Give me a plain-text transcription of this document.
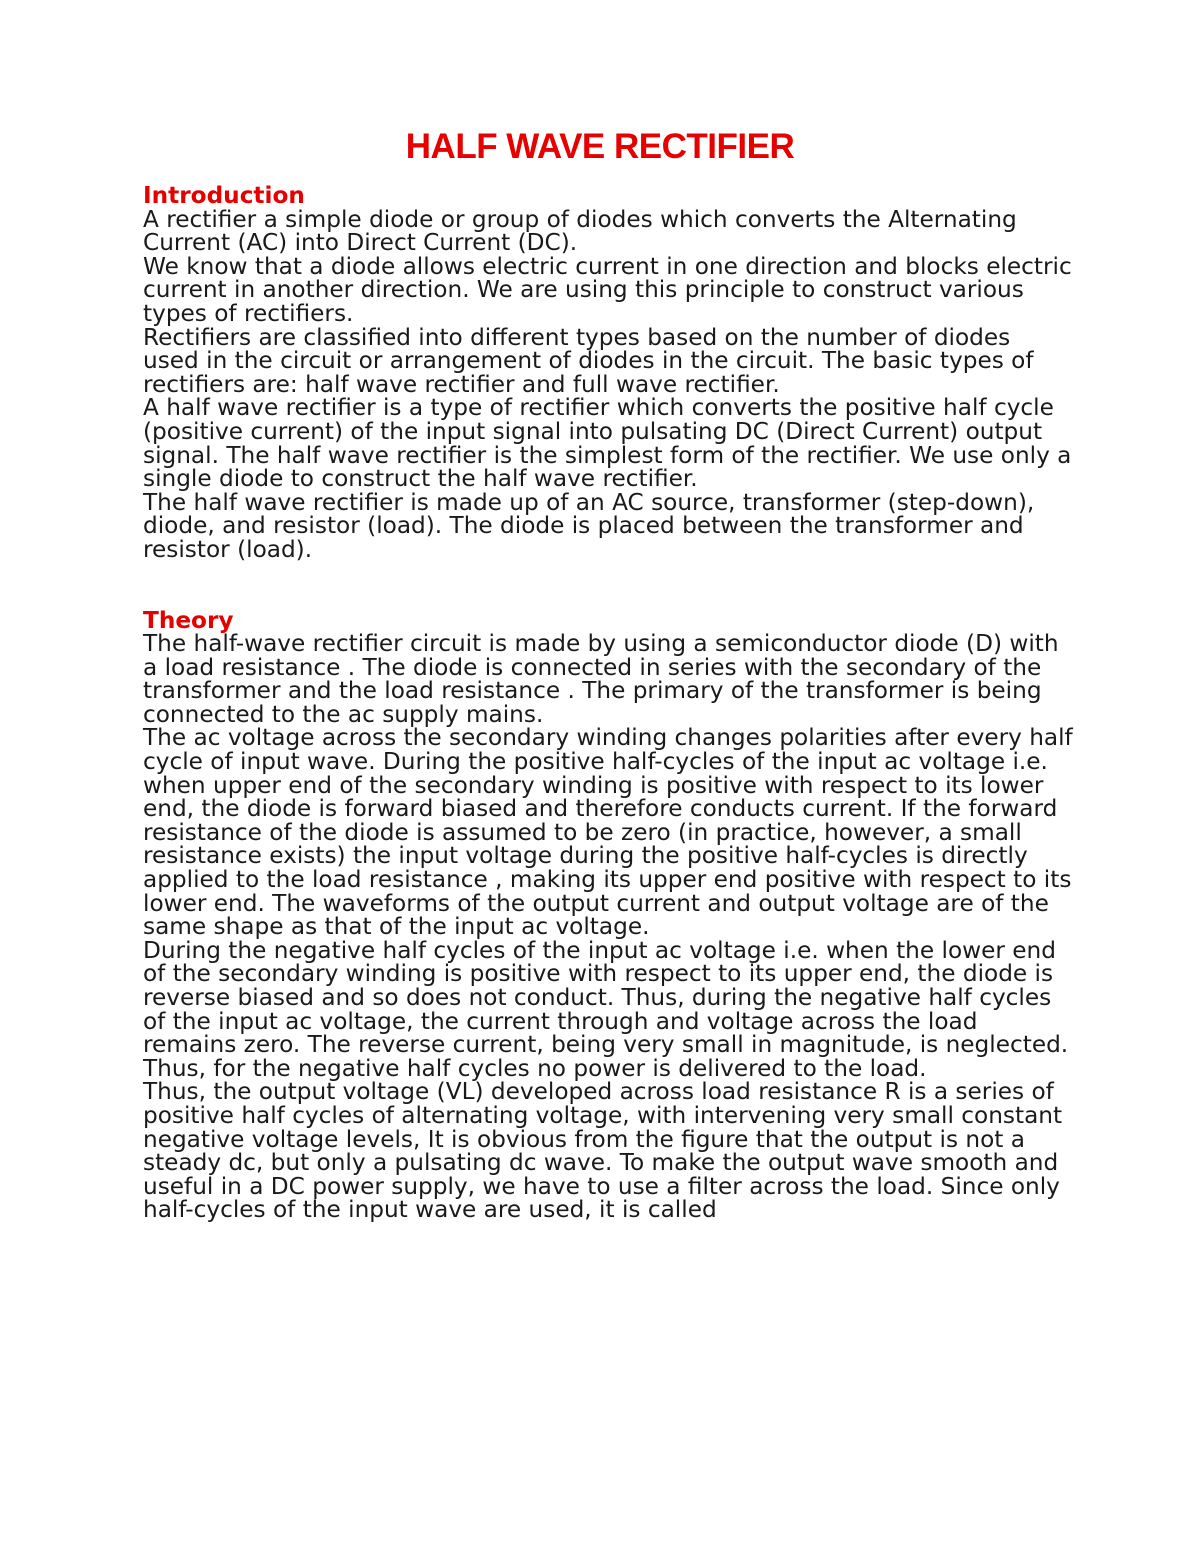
HALF WAVE RECTIFIER
Introduction

A rectifier a simple diode or group of diodes which converts the Alternating Current (AC) into Direct Current (DC).

We know that a diode allows electric current in one direction and blocks electric current in another direction. We are using this principle to construct various types of rectifiers.

Rectifiers are classified into different types based on the number of diodes used in the circuit or arrangement of diodes in the circuit. The basic types of rectifiers are: half wave rectifier and full wave rectifier.

A half wave rectifier is a type of rectifier which converts the positive half cycle (positive current) of the input signal into pulsating DC (Direct Current) output signal. The half wave rectifier is the simplest form of the rectifier. We use only a single diode to construct the half wave rectifier.

The half wave rectifier is made up of an AC source, transformer (step-down), diode, and resistor (load). The diode is placed between the transformer and resistor (load).

Theory

The half-wave rectifier circuit is made by using a semiconductor diode (D) with a load resistance . The diode is connected in series with the secondary of the transformer and the load resistance . The primary of the transformer is being connected to the ac supply mains.

The ac voltage across the secondary winding changes polarities after every half cycle of input wave. During the positive half-cycles of the input ac voltage i.e. when upper end of the secondary winding is positive with respect to its lower end, the diode is forward biased and therefore conducts current. If the forward resistance of the diode is assumed to be zero (in practice, however, a small resistance exists) the input voltage during the positive half-cycles is directly applied to the load resistance , making its upper end positive with respect to its lower end. The waveforms of the output current and output voltage are of the same shape as that of the input ac voltage.

During the negative half cycles of the input ac voltage i.e. when the lower end of the secondary winding is positive with respect to its upper end, the diode is reverse biased and so does not conduct. Thus, during the negative half cycles of the input ac voltage, the current through and voltage across the load remains zero. The reverse current, being very small in magnitude, is neglected. Thus, for the negative half cycles no power is delivered to the load.

Thus, the output voltage (VL) developed across load resistance R is a series of positive half cycles of alternating voltage, with intervening very small constant negative voltage levels, It is obvious from the figure that the output is not a steady dc, but only a pulsating dc wave. To make the output wave smooth and useful in a DC power supply, we have to use a filter across the load. Since only half-cycles of the input wave are used, it is called
